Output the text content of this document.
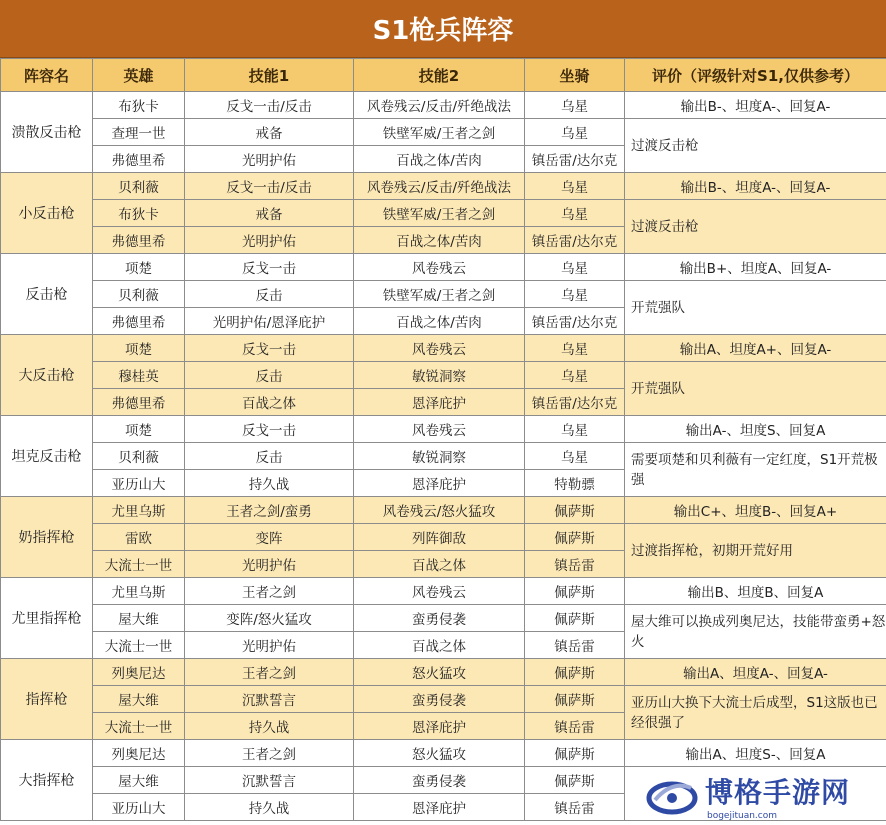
S1枪兵阵容
阵容名	英雄	技能1	技能2	坐骑	评价（评级针对S1,仅供参考）
溃散反击枪	布狄卡	反戈一击/反击	风卷残云/反击/歼绝战法	乌星	输出B-、坦度A-、回复A-
	查理一世	戒备	铁壁军威/王者之剑	乌星	过渡反击枪
	弗德里希	光明护佑	百战之体/苦肉	镇岳雷/达尔克	
小反击枪	贝利薇	反戈一击/反击	风卷残云/反击/歼绝战法	乌星	输出B-、坦度A-、回复A-
	布狄卡	戒备	铁壁军威/王者之剑	乌星	过渡反击枪
	弗德里希	光明护佑	百战之体/苦肉	镇岳雷/达尔克	
反击枪	项楚	反戈一击	风卷残云	乌星	输出B+、坦度A、回复A-
	贝利薇	反击	铁壁军威/王者之剑	乌星	开荒强队
	弗德里希	光明护佑/恩泽庇护	百战之体/苦肉	镇岳雷/达尔克	
大反击枪	项楚	反戈一击	风卷残云	乌星	输出A、坦度A+、回复A-
	穆桂英	反击	敏锐洞察	乌星	开荒强队
	弗德里希	百战之体	恩泽庇护	镇岳雷/达尔克	
坦克反击枪	项楚	反戈一击	风卷残云	乌星	输出A-、坦度S、回复A
	贝利薇	反击	敏锐洞察	乌星	需要项楚和贝利薇有一定红度，S1开荒极强
	亚历山大	持久战	恩泽庇护	特勒骠	
奶指挥枪	尤里乌斯	王者之剑/蛮勇	风卷残云/怒火猛攻	佩萨斯	输出C+、坦度B-、回复A+
	雷欧	变阵	列阵御敌	佩萨斯	过渡指挥枪，初期开荒好用
	大流士一世	光明护佑	百战之体	镇岳雷	
尤里指挥枪	尤里乌斯	王者之剑	风卷残云	佩萨斯	输出B、坦度B、回复A
	屋大维	变阵/怒火猛攻	蛮勇侵袭	佩萨斯	屋大维可以换成列奥尼达，技能带蛮勇+怒火
	大流士一世	光明护佑	百战之体	镇岳雷	
指挥枪	列奥尼达	王者之剑	怒火猛攻	佩萨斯	输出A、坦度A-、回复A-
	屋大维	沉默誓言	蛮勇侵袭	佩萨斯	亚历山大换下大流士后成型，S1这版也已经很强了
	大流士一世	持久战	恩泽庇护	镇岳雷	
大指挥枪	列奥尼达	王者之剑	怒火猛攻	佩萨斯	输出A、坦度S-、回复A
	屋大维	沉默誓言	蛮勇侵袭	佩萨斯	
	亚历山大	持久战	恩泽庇护	镇岳雷		博格手游网
bogejituan.com
